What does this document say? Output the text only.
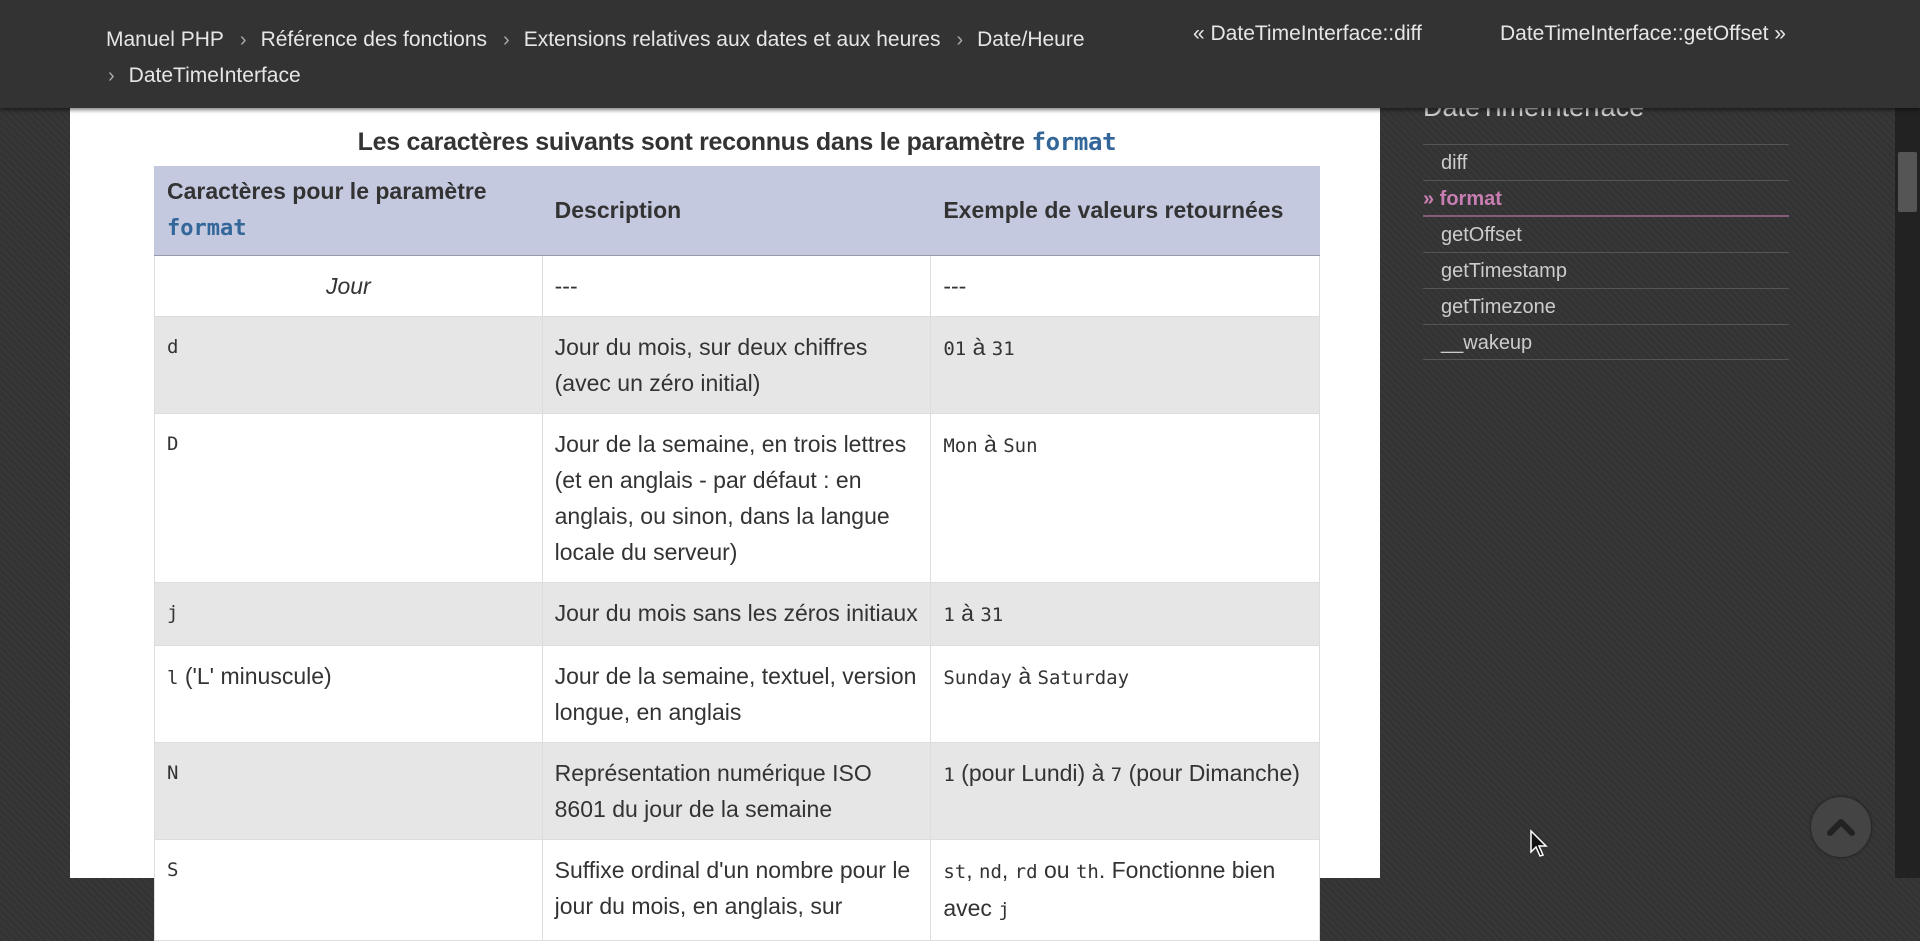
Manuel PHP › Référence des fonctions › Extensions relatives aux dates et aux heures › Date/Heure
› DateTimeInterface
« DateTimeInterface::diff	DateTimeInterface::getOffset »
Les caractères suivants sont reconnus dans le paramètre format
Caractères pour le paramètre
format	Description	Exemple de valeurs retournées
Jour	---	---
d	Jour du mois, sur deux chiffres (avec un zéro initial)	01 à 31
D	Jour de la semaine, en trois lettres (et en anglais - par défaut : en anglais, ou sinon, dans la langue locale du serveur)	Mon à Sun
j	Jour du mois sans les zéros initiaux	1 à 31
l ('L' minuscule)	Jour de la semaine, textuel, version longue, en anglais	Sunday à Saturday
N	Représentation numérique ISO 8601 du jour de la semaine	1 (pour Lundi) à 7 (pour Dimanche)
S	Suffixe ordinal d'un nombre pour le jour du mois, en anglais, sur	st, nd, rd ou th. Fonctionne bien avec j
diff
» format
getOffset
getTimestamp
getTimezone
__wakeup
